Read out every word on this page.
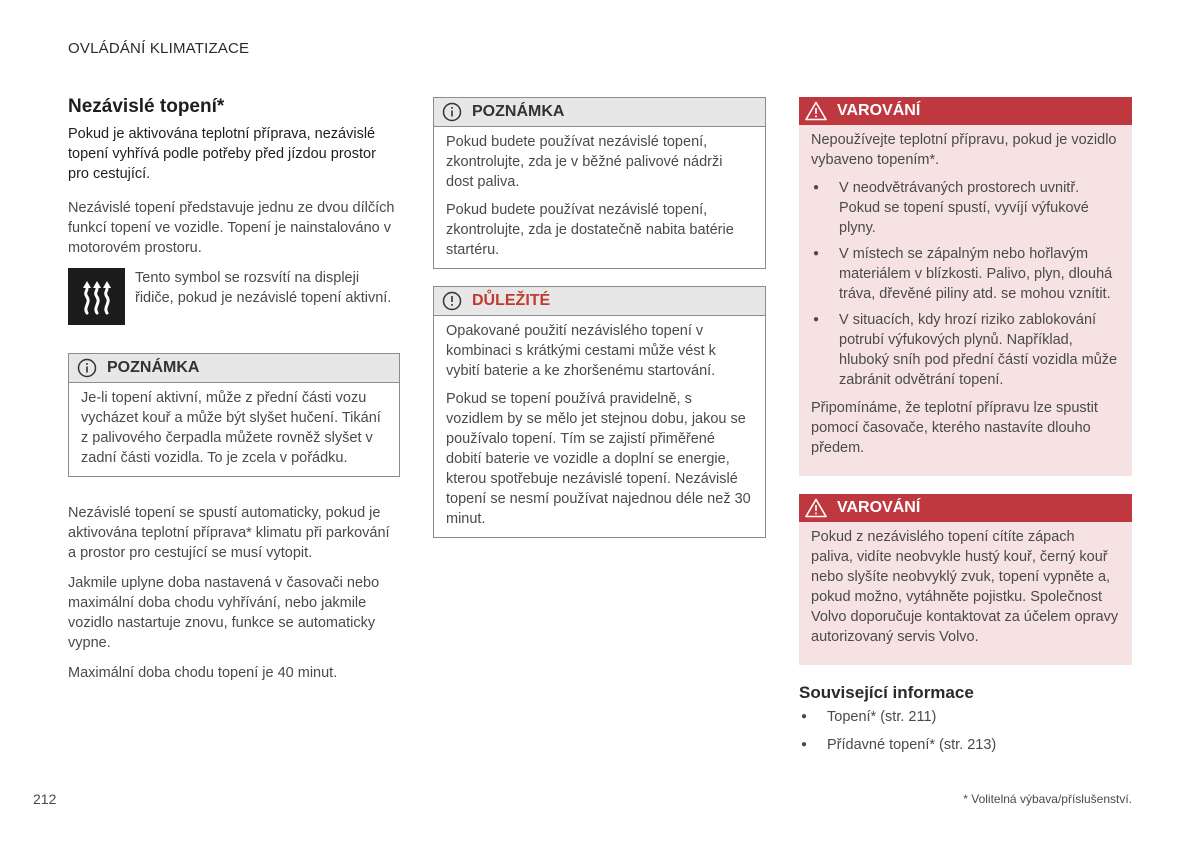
OVLÁDÁNÍ KLIMATIZACE
Nezávislé topení*

Pokud je aktivována teplotní příprava, nezávislé topení vyhřívá podle potřeby před jízdou prostor pro cestující.

Nezávislé topení představuje jednu ze dvou dílčích funkcí topení ve vozidle. Topení je nainstalováno v motorovém prostoru.

Tento symbol se rozsvítí na displeji řidiče, pokud je nezávislé topení aktivní.

POZNÁMKA

Je-li topení aktivní, může z přední části vozu vycházet kouř a může být slyšet hučení. Tikání z palivového čerpadla můžete rovněž slyšet v zadní části vozidla. To je zcela v pořádku.

Nezávislé topení se spustí automaticky, pokud je aktivována teplotní příprava* klimatu při parkování a prostor pro cestující se musí vytopit.

Jakmile uplyne doba nastavená v časovači nebo maximální doba chodu vyhřívání, nebo jakmile vozidlo nastartuje znovu, funkce se automaticky vypne.

Maximální doba chodu topení je 40 minut.

POZNÁMKA

Pokud budete používat nezávislé topení, zkontrolujte, zda je v běžné palivové nádrži dost paliva.

Pokud budete používat nezávislé topení, zkontrolujte, zda je dostatečně nabita batérie startéru.

DŮLEŽITÉ

Opakované použití nezávislého topení v kombinaci s krátkými cestami může vést k vybití baterie a ke zhoršenému startování.

Pokud se topení používá pravidelně, s vozidlem by se mělo jet stejnou dobu, jakou se používalo topení. Tím se zajistí přiměřené dobití baterie ve vozidle a doplní se energie, kterou spotřebuje nezávislé topení. Nezávislé topení se nesmí používat najednou déle než 30 minut.

VAROVÁNÍ

Nepoužívejte teplotní přípravu, pokud je vozidlo vybaveno topením*.

● V neodvětrávaných prostorech uvnitř. Pokud se topení spustí, vyvíjí výfukové plyny.
● V místech se zápalným nebo hořlavým materiálem v blízkosti. Palivo, plyn, dlouhá tráva, dřevěné piliny atd. se mohou vznítit.
● V situacích, kdy hrozí riziko zablokování potrubí výfukových plynů. Například, hluboký sníh pod přední částí vozidla může zabránit odvětrání topení.

Připomínáme, že teplotní přípravu lze spustit pomocí časovače, kterého nastavíte dlouho předem.

VAROVÁNÍ

Pokud z nezávislého topení cítíte zápach paliva, vidíte neobvykle hustý kouř, černý kouř nebo slyšíte neobvyklý zvuk, topení vypněte a, pokud možno, vytáhněte pojistku. Společnost Volvo doporučuje kontaktovat za účelem opravy autorizovaný servis Volvo.

Související informace
● Topení* (str. 211)
● Přídavné topení* (str. 213)
212	* Volitelná výbava/příslušenství.
